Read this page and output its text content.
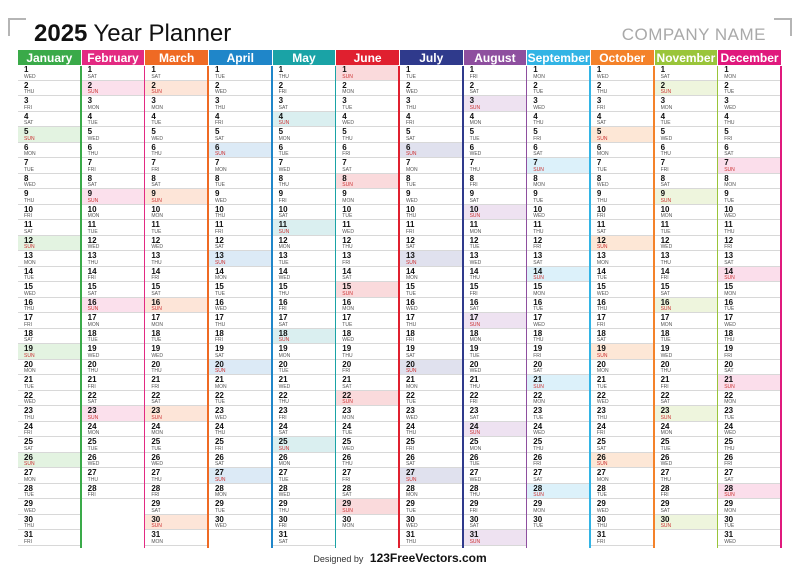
2025 Year Planner	COMPANY NAME
January
1
WED
2
THU
3
FRI
4
SAT
5
SUN
6
MON
7
TUE
8
WED
9
THU
10
FRI
11
SAT
12
SUN
13
MON
14
TUE
15
WED
16
THU
17
FRI
18
SAT
19
SUN
20
MON
21
TUE
22
WED
23
THU
24
FRI
25
SAT
26
SUN
27
MON
28
TUE
29
WED
30
THU
31
FRI
February
1
SAT
2
SUN
3
MON
4
TUE
5
WED
6
THU
7
FRI
8
SAT
9
SUN
10
MON
11
TUE
12
WED
13
THU
14
FRI
15
SAT
16
SUN
17
MON
18
TUE
19
WED
20
THU
21
FRI
22
SAT
23
SUN
24
MON
25
TUE
26
WED
27
THU
28
FRI
March
1
SAT
2
SUN
3
MON
4
TUE
5
WED
6
THU
7
FRI
8
SAT
9
SUN
10
MON
11
TUE
12
WED
13
THU
14
FRI
15
SAT
16
SUN
17
MON
18
TUE
19
WED
20
THU
21
FRI
22
SAT
23
SUN
24
MON
25
TUE
26
WED
27
THU
28
FRI
29
SAT
30
SUN
31
MON
April
1
TUE
2
WED
3
THU
4
FRI
5
SAT
6
SUN
7
MON
8
TUE
9
WED
10
THU
11
FRI
12
SAT
13
SUN
14
MON
15
TUE
16
WED
17
THU
18
FRI
19
SAT
20
SUN
21
MON
22
TUE
23
WED
24
THU
25
FRI
26
SAT
27
SUN
28
MON
29
TUE
30
WED
May
1
THU
2
FRI
3
SAT
4
SUN
5
MON
6
TUE
7
WED
8
THU
9
FRI
10
SAT
11
SUN
12
MON
13
TUE
14
WED
15
THU
16
FRI
17
SAT
18
SUN
19
MON
20
TUE
21
WED
22
THU
23
FRI
24
SAT
25
SUN
26
MON
27
TUE
28
WED
29
THU
30
FRI
31
SAT
June
1
SUN
2
MON
3
TUE
4
WED
5
THU
6
FRI
7
SAT
8
SUN
9
MON
10
TUE
11
WED
12
THU
13
FRI
14
SAT
15
SUN
16
MON
17
TUE
18
WED
19
THU
20
FRI
21
SAT
22
SUN
23
MON
24
TUE
25
WED
26
THU
27
FRI
28
SAT
29
SUN
30
MON
July
1
TUE
2
WED
3
THU
4
FRI
5
SAT
6
SUN
7
MON
8
TUE
9
WED
10
THU
11
FRI
12
SAT
13
SUN
14
MON
15
TUE
16
WED
17
THU
18
FRI
19
SAT
20
SUN
21
MON
22
TUE
23
WED
24
THU
25
FRI
26
SAT
27
SUN
28
MON
29
TUE
30
WED
31
THU
August
1
FRI
2
SAT
3
SUN
4
MON
5
TUE
6
WED
7
THU
8
FRI
9
SAT
10
SUN
11
MON
12
TUE
13
WED
14
THU
15
FRI
16
SAT
17
SUN
18
MON
19
TUE
20
WED
21
THU
22
FRI
23
SAT
24
SUN
25
MON
26
TUE
27
WED
28
THU
29
FRI
30
SAT
31
SUN
September
1
MON
2
TUE
3
WED
4
THU
5
FRI
6
SAT
7
SUN
8
MON
9
TUE
10
WED
11
THU
12
FRI
13
SAT
14
SUN
15
MON
16
TUE
17
WED
18
THU
19
FRI
20
SAT
21
SUN
22
MON
23
TUE
24
WED
25
THU
26
FRI
27
SAT
28
SUN
29
MON
30
TUE
October
1
WED
2
THU
3
FRI
4
SAT
5
SUN
6
MON
7
TUE
8
WED
9
THU
10
FRI
11
SAT
12
SUN
13
MON
14
TUE
15
WED
16
THU
17
FRI
18
SAT
19
SUN
20
MON
21
TUE
22
WED
23
THU
24
FRI
25
SAT
26
SUN
27
MON
28
TUE
29
WED
30
THU
31
FRI
November
1
SAT
2
SUN
3
MON
4
TUE
5
WED
6
THU
7
FRI
8
SAT
9
SUN
10
MON
11
TUE
12
WED
13
THU
14
FRI
15
SAT
16
SUN
17
MON
18
TUE
19
WED
20
THU
21
FRI
22
SAT
23
SUN
24
MON
25
TUE
26
WED
27
THU
28
FRI
29
SAT
30
SUN
December
1
MON
2
TUE
3
WED
4
THU
5
FRI
6
SAT
7
SUN
8
MON
9
TUE
10
WED
11
THU
12
FRI
13
SAT
14
SUN
15
MON
16
TUE
17
WED
18
THU
19
FRI
20
SAT
21
SUN
22
MON
23
TUE
24
WED
25
THU
26
FRI
27
SAT
28
SUN
29
MON
30
TUE
31
WED
Designed by 123FreeVectors.com
